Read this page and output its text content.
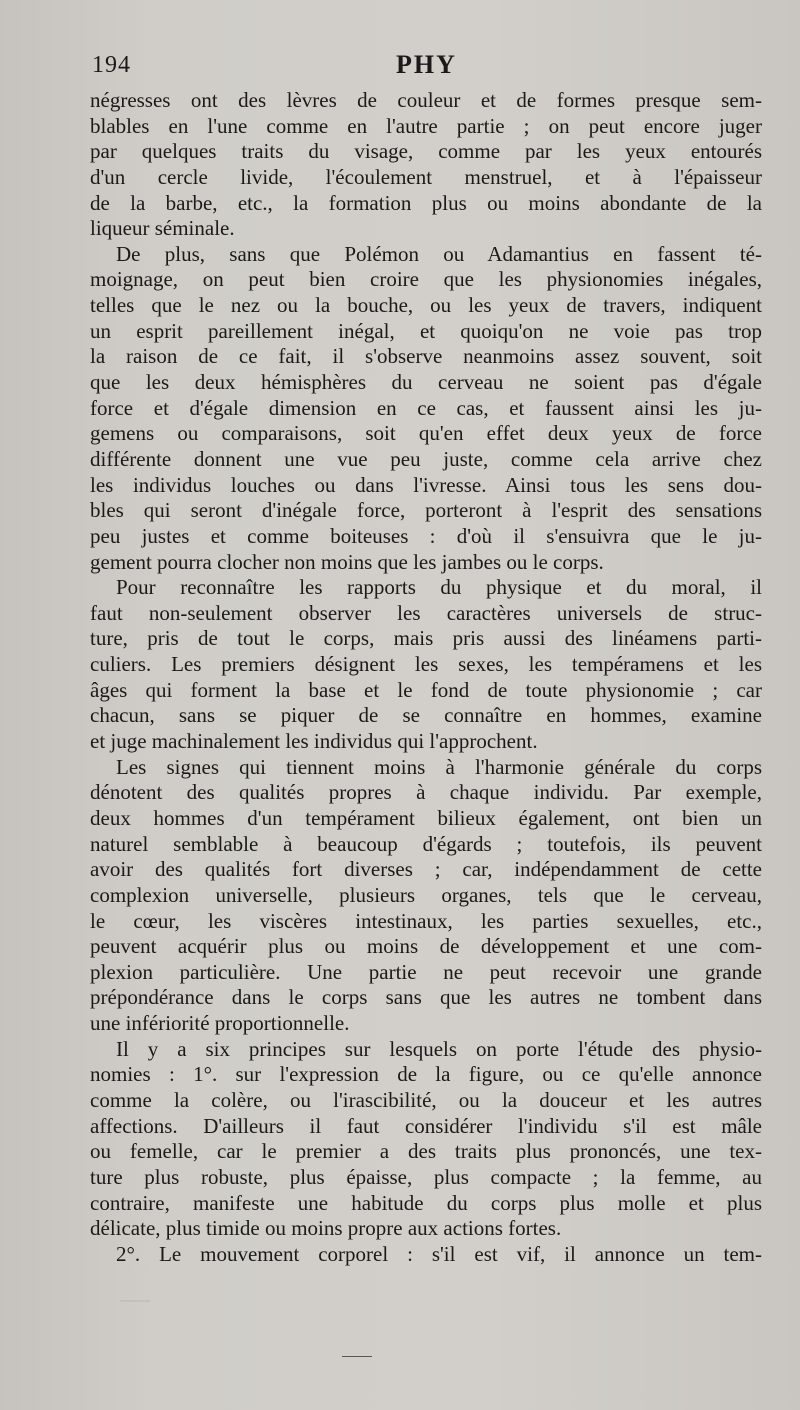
194	PHY
négresses ont des lèvres de couleur et de formes presque sem-
blables en l'une comme en l'autre partie ; on peut encore juger
par quelques traits du visage, comme par les yeux entourés
d'un cercle livide, l'écoulement menstruel, et à l'épaisseur
de la barbe, etc., la formation plus ou moins abondante de la
liqueur séminale.
De plus, sans que Polémon ou Adamantius en fassent té-
moignage, on peut bien croire que les physionomies inégales,
telles que le nez ou la bouche, ou les yeux de travers, indiquent
un esprit pareillement inégal, et quoiqu'on ne voie pas trop
la raison de ce fait, il s'observe neanmoins assez souvent, soit
que les deux hémisphères du cerveau ne soient pas d'égale
force et d'égale dimension en ce cas, et faussent ainsi les ju-
gemens ou comparaisons, soit qu'en effet deux yeux de force
différente donnent une vue peu juste, comme cela arrive chez
les individus louches ou dans l'ivresse. Ainsi tous les sens dou-
bles qui seront d'inégale force, porteront à l'esprit des sensations
peu justes et comme boiteuses : d'où il s'ensuivra que le ju-
gement pourra clocher non moins que les jambes ou le corps.
Pour reconnaître les rapports du physique et du moral, il
faut non-seulement observer les caractères universels de struc-
ture, pris de tout le corps, mais pris aussi des linéamens parti-
culiers. Les premiers désignent les sexes, les tempéramens et les
âges qui forment la base et le fond de toute physionomie ; car
chacun, sans se piquer de se connaître en hommes, examine
et juge machinalement les individus qui l'approchent.
Les signes qui tiennent moins à l'harmonie générale du corps
dénotent des qualités propres à chaque individu. Par exemple,
deux hommes d'un tempérament bilieux également, ont bien un
naturel semblable à beaucoup d'égards ; toutefois, ils peuvent
avoir des qualités fort diverses ; car, indépendamment de cette
complexion universelle, plusieurs organes, tels que le cerveau,
le cœur, les viscères intestinaux, les parties sexuelles, etc.,
peuvent acquérir plus ou moins de développement et une com-
plexion particulière. Une partie ne peut recevoir une grande
prépondérance dans le corps sans que les autres ne tombent dans
une infériorité proportionnelle.
Il y a six principes sur lesquels on porte l'étude des physio-
nomies : 1°. sur l'expression de la figure, ou ce qu'elle annonce
comme la colère, ou l'irascibilité, ou la douceur et les autres
affections. D'ailleurs il faut considérer l'individu s'il est mâle
ou femelle, car le premier a des traits plus prononcés, une tex-
ture plus robuste, plus épaisse, plus compacte ; la femme, au
contraire, manifeste une habitude du corps plus molle et plus
délicate, plus timide ou moins propre aux actions fortes.
2°. Le mouvement corporel : s'il est vif, il annonce un tem-
